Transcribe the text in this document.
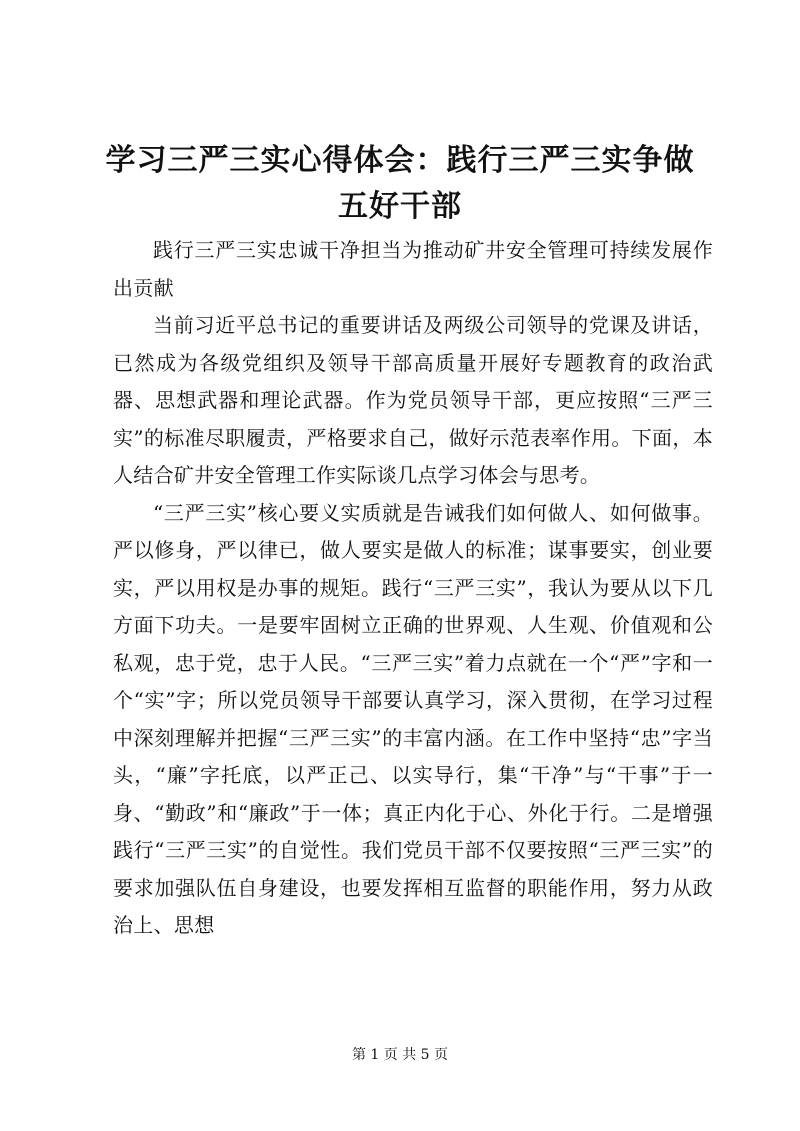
学习三严三实心得体会：践行三严三实争做五好干部

践行三严三实忠诚干净担当为推动矿井安全管理可持续发展作出贡献

当前习近平总书记的重要讲话及两级公司领导的党课及讲话，已然成为各级党组织及领导干部高质量开展好专题教育的政治武器、思想武器和理论武器。作为党员领导干部，更应按照“三严三实”的标准尽职履责，严格要求自己，做好示范表率作用。下面，本人结合矿井安全管理工作实际谈几点学习体会与思考。

“三严三实”核心要义实质就是告诫我们如何做人、如何做事。严以修身，严以律已，做人要实是做人的标准；谋事要实，创业要实，严以用权是办事的规矩。践行“三严三实”，我认为要从以下几方面下功夫。一是要牢固树立正确的世界观、人生观、价值观和公私观，忠于党，忠于人民。“三严三实”着力点就在一个“严”字和一个“实”字；所以党员领导干部要认真学习，深入贯彻，在学习过程中深刻理解并把握“三严三实”的丰富内涵。在工作中坚持“忠”字当头，“廉”字托底，以严正己、以实导行，集“干净”与“干事”于一身、“勤政”和“廉政”于一体；真正内化于心、外化于行。二是增强践行“三严三实”的自觉性。我们党员干部不仅要按照“三严三实”的要求加强队伍自身建设，也要发挥相互监督的职能作用，努力从政治上、思想

第 1 页 共 5 页
